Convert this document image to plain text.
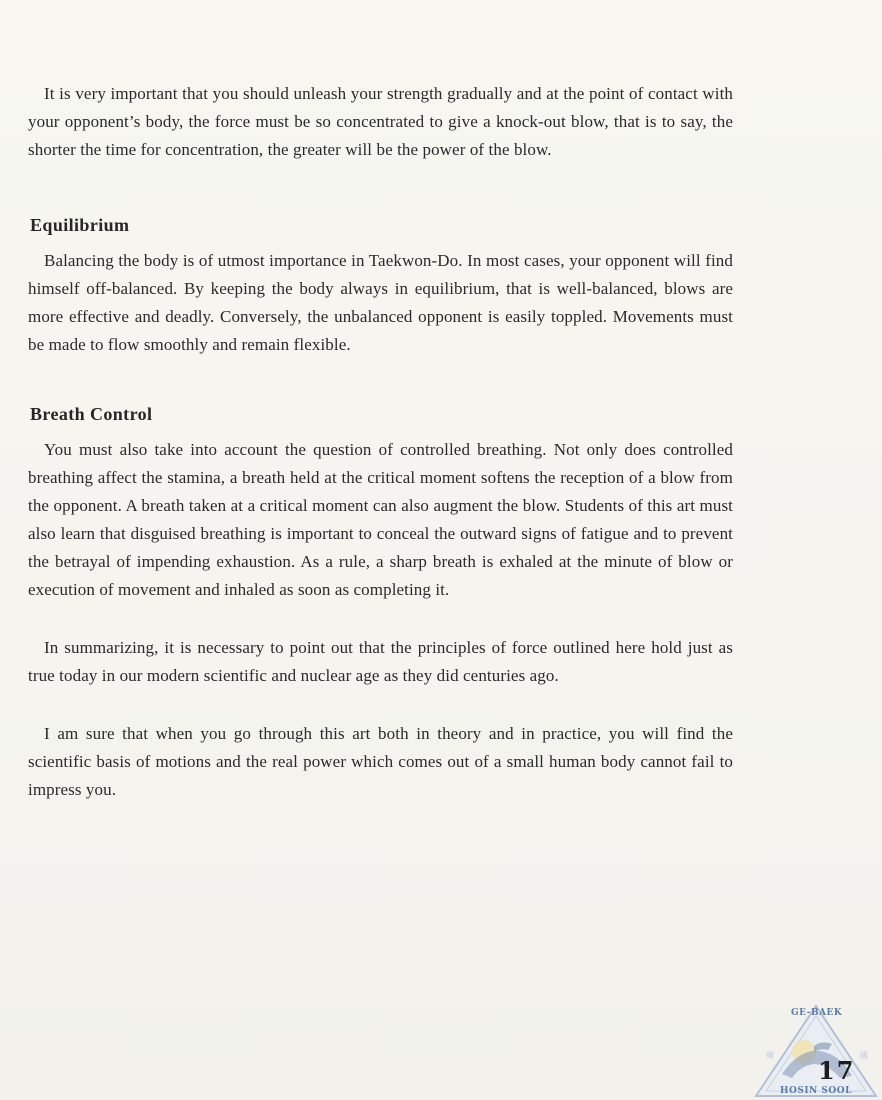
It is very important that you should unleash your strength gradually and at the point of contact with your opponent’s body, the force must be so concentrated to give a knock-out blow, that is to say, the shorter the time for concentration, the greater will be the power of the blow.

Equilibrium

Balancing the body is of utmost importance in Taekwon-Do. In most cases, your opponent will find himself off-balanced. By keeping the body always in equilibrium, that is well-balanced, blows are more effective and deadly. Conversely, the unbalanced opponent is easily toppled. Movements must be made to flow smoothly and remain flexible.

Breath Control

You must also take into account the question of controlled breathing. Not only does controlled breathing affect the stamina, a breath held at the critical moment softens the reception of a blow from the opponent. A breath taken at a critical moment can also augment the blow. Students of this art must also learn that disguised breathing is important to conceal the outward signs of fatigue and to prevent the betrayal of impending exhaustion. As a rule, a sharp breath is exhaled at the minute of blow or execution of movement and inhaled as soon as completing it.

In summarizing, it is necessary to point out that the principles of force outlined here hold just as true today in our modern scientific and nuclear age as they did centuries ago.

I am sure that when you go through this art both in theory and in practice, you will find the scientific basis of motions and the real power which comes out of a small human body cannot fail to impress you.

韓	國
GE-BAEK
HOSIN SOOL
17
